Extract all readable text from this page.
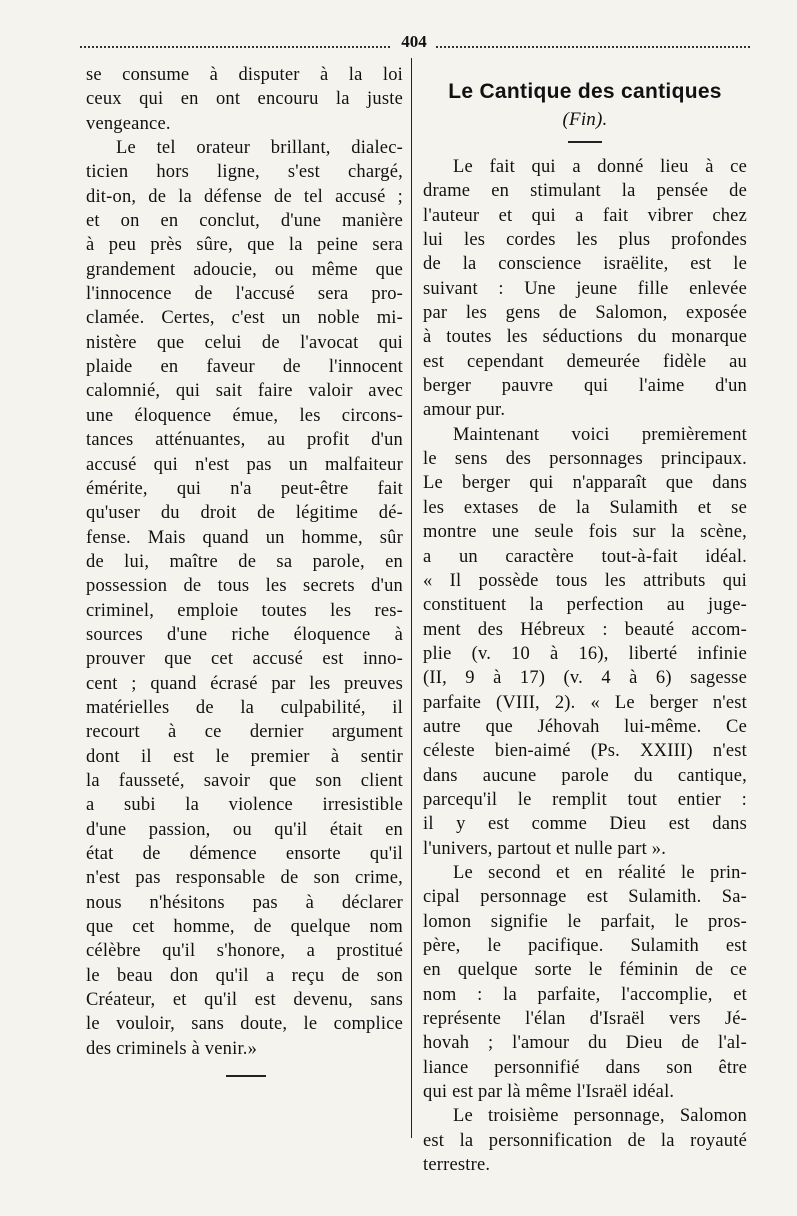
404
se consume à disputer à la loi
ceux qui en ont encouru la juste
vengeance.
Le tel orateur brillant, dialec-
ticien hors ligne, s'est chargé,
dit-on, de la défense de tel accusé ;
et on en conclut, d'une manière
à peu près sûre, que la peine sera
grandement adoucie, ou même que
l'innocence de l'accusé sera pro-
clamée. Certes, c'est un noble mi-
nistère que celui de l'avocat qui
plaide en faveur de l'innocent
calomnié, qui sait faire valoir avec
une éloquence émue, les circons-
tances atténuantes, au profit d'un
accusé qui n'est pas un malfaiteur
émérite, qui n'a peut-être fait
qu'user du droit de légitime dé-
fense. Mais quand un homme, sûr
de lui, maître de sa parole, en
possession de tous les secrets d'un
criminel, emploie toutes les res-
sources d'une riche éloquence à
prouver que cet accusé est inno-
cent ; quand écrasé par les preuves
matérielles de la culpabilité, il
recourt à ce dernier argument
dont il est le premier à sentir
la fausseté, savoir que son client
a subi la violence irresistible
d'une passion, ou qu'il était en
état de démence ensorte qu'il
n'est pas responsable de son crime,
nous n'hésitons pas à déclarer
que cet homme, de quelque nom
célèbre qu'il s'honore, a prostitué
le beau don qu'il a reçu de son
Créateur, et qu'il est devenu, sans
le vouloir, sans doute, le complice
des criminels à venir.»
Le Cantique des cantiques
(Fin).
Le fait qui a donné lieu à ce
drame en stimulant la pensée de
l'auteur et qui a fait vibrer chez
lui les cordes les plus profondes
de la conscience israëlite, est le
suivant : Une jeune fille enlevée
par les gens de Salomon, exposée
à toutes les séductions du monarque
est cependant demeurée fidèle au
berger pauvre qui l'aime d'un
amour pur.
Maintenant voici premièrement
le sens des personnages principaux.
Le berger qui n'apparaît que dans
les extases de la Sulamith et se
montre une seule fois sur la scène,
a un caractère tout-à-fait idéal.
« Il possède tous les attributs qui
constituent la perfection au juge-
ment des Hébreux : beauté accom-
plie (v. 10 à 16), liberté infinie
(II, 9 à 17) (v. 4 à 6) sagesse
parfaite (VIII, 2). « Le berger n'est
autre que Jéhovah lui-même. Ce
céleste bien-aimé (Ps. XXIII) n'est
dans aucune parole du cantique,
parcequ'il le remplit tout entier :
il y est comme Dieu est dans
l'univers, partout et nulle part ».
Le second et en réalité le prin-
cipal personnage est Sulamith. Sa-
lomon signifie le parfait, le pros-
père, le pacifique. Sulamith est
en quelque sorte le féminin de ce
nom : la parfaite, l'accomplie, et
représente l'élan d'Israël vers Jé-
hovah ; l'amour du Dieu de l'al-
liance personnifié dans son être
qui est par là même l'Israël idéal.
Le troisième personnage, Salomon
est la personnification de la royauté
terrestre.
